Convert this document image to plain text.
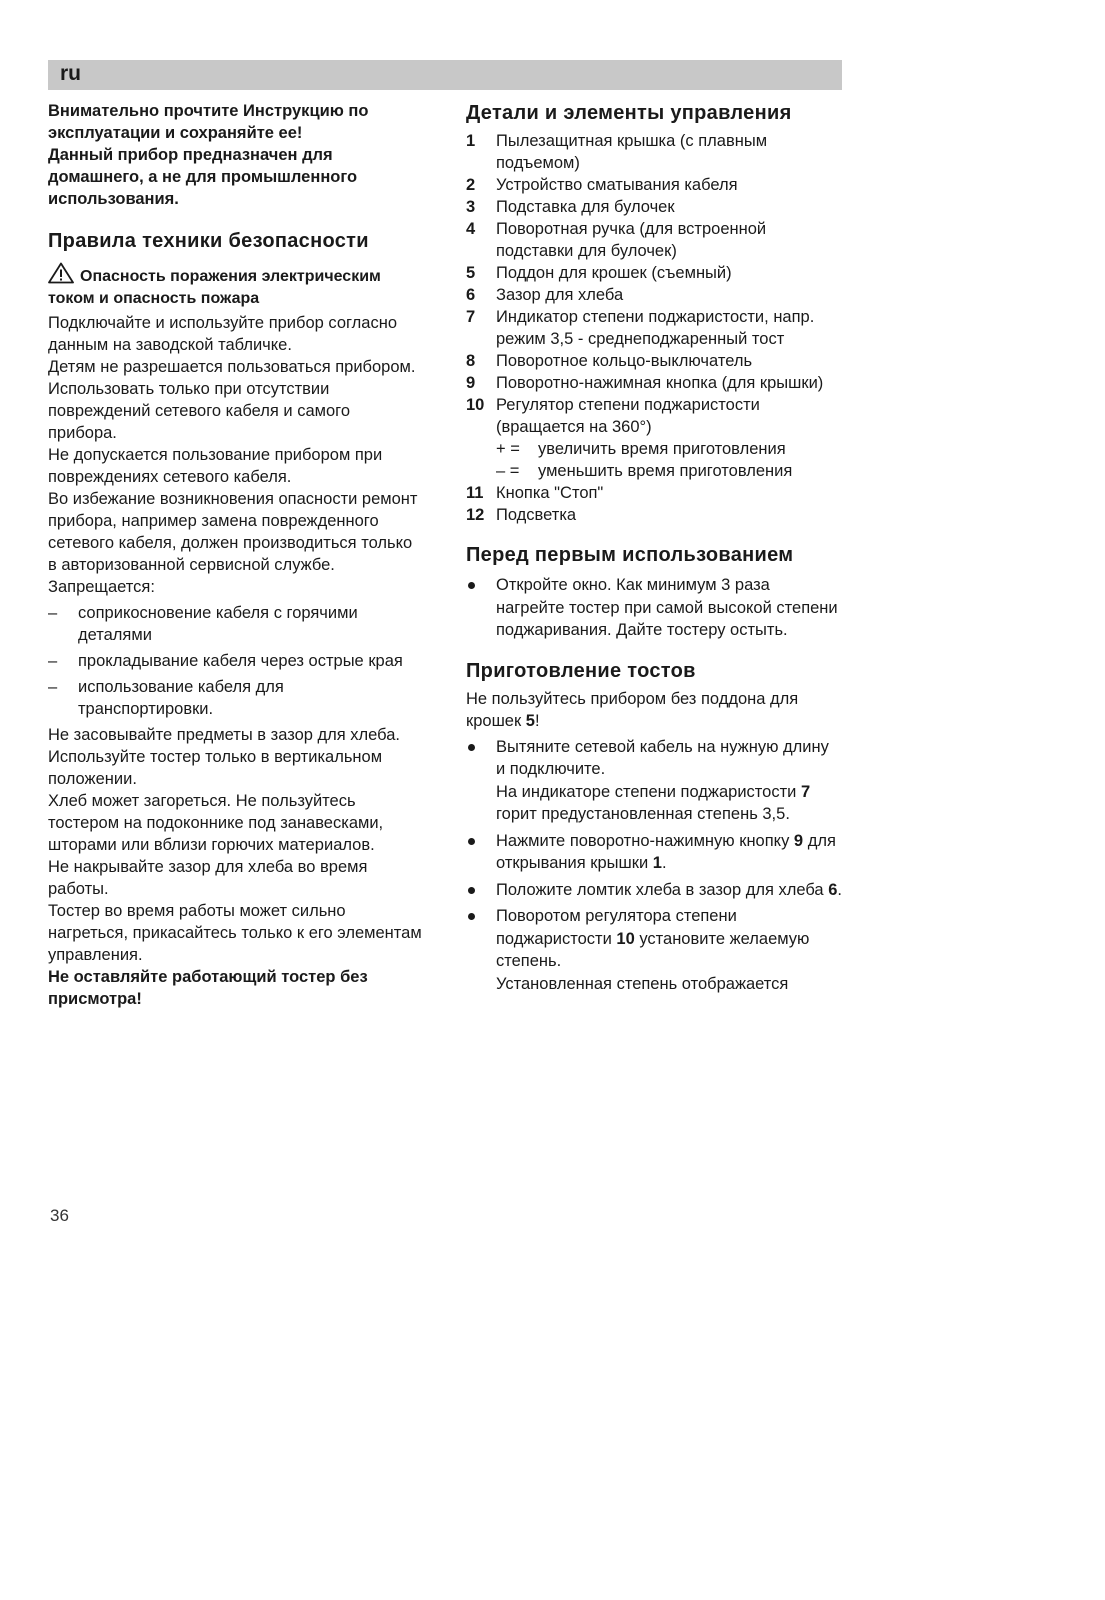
ru

Внимательно прочтите Инструкцию по эксплуатации и сохраняйте ее!

Данный прибор предназначен для домашнего, а не для промышленного использования.

Правила техники безопасности

Опасность поражения электрическим током и опасность пожара

Подключайте и используйте прибор согласно данным на заводской табличке.

Детям не разрешается пользоваться прибором.

Использовать только при отсутствии повреждений сетевого кабеля и самого прибора.

Не допускается пользование прибором при повреждениях сетевого кабеля.

Во избежание возникновения опасности ремонт прибора, например замена поврежденного сетевого кабеля, должен производиться только в авторизованной сервисной службе.

Запрещается:

– соприкосновение кабеля с горячими деталями
– прокладывание кабеля через острые края
– использование кабеля для транспортировки.

Не засовывайте предметы в зазор для хлеба.

Используйте тостер только в вертикальном положении.

Хлеб может загореться. Не пользуйтесь тостером на подоконнике под занавесками, шторами или вблизи горючих материалов.

Не накрывайте зазор для хлеба во время работы.

Тостер во время работы может сильно нагреться, прикасайтесь только к его элементам управления.

Не оставляйте работающий тостер без присмотра!

Детали и элементы управления
1 Пылезащитная крышка (с плавным подъемом)
2 Устройство сматывания кабеля
3 Подставка для булочек
4 Поворотная ручка (для встроенной подставки для булочек)
5 Поддон для крошек (съемный)
6 Зазор для хлеба
7 Индикатор степени поджаристости, напр. режим 3,5 - среднеподжаренный тост
8 Поворотное кольцо-выключатель
9 Поворотно-нажимная кнопка (для крышки)
10 Регулятор степени поджаристости (вращается на 360°)
+ = увеличить время приготовления
– = уменьшить время приготовления
11 Кнопка "Стоп"
12 Подсветка
Перед первым использованием
Откройте окно. Как минимум 3 раза нагрейте тостер при самой высокой степени поджаривания. Дайте тостеру остыть.
Приготовление тостов

Не пользуйтесь прибором без поддона для крошек 5!

Вытяните сетевой кабель на нужную длину и подключите.
На индикаторе степени поджаристости 7 горит предустановленная степень 3,5.
Нажмите поворотно-нажимную кнопку 9 для открывания крышки 1.
Положите ломтик хлеба в зазор для хлеба 6.
Поворотом регулятора степени поджаристости 10 установите желаемую степень.
Установленная степень отображается
36
